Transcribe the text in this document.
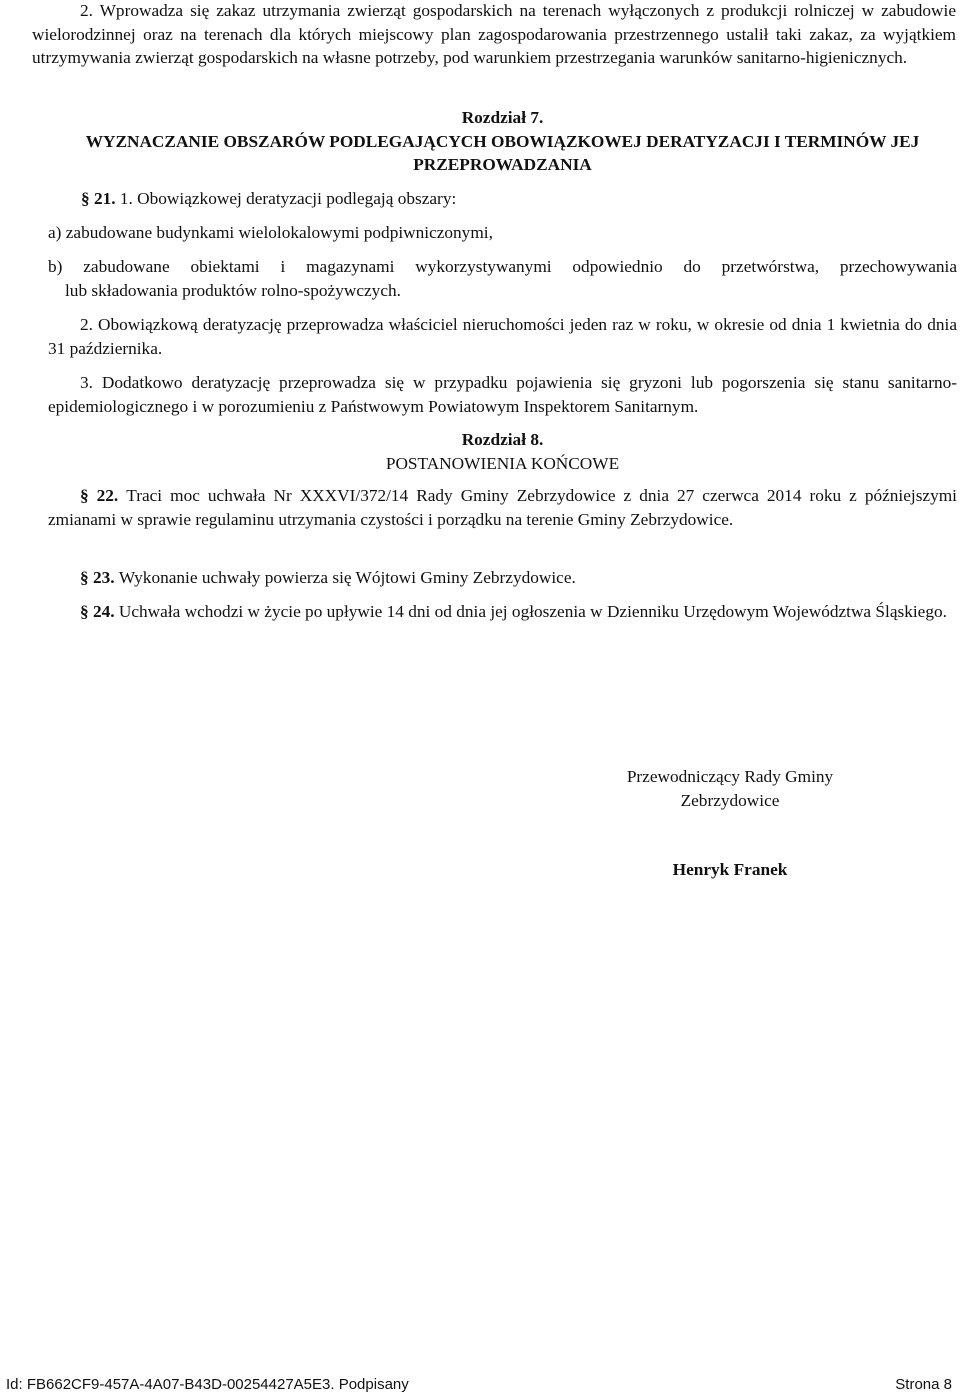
2. Wprowadza się zakaz utrzymania zwierząt gospodarskich na terenach wyłączonych z produkcji rolniczej w zabudowie wielorodzinnej oraz na terenach dla których miejscowy plan zagospodarowania przestrzennego ustalił taki zakaz, za wyjątkiem utrzymywania zwierząt gospodarskich na własne potrzeby, pod warunkiem przestrzegania warunków sanitarno-higienicznych.

Rozdział 7.

WYZNACZANIE OBSZARÓW PODLEGAJĄCYCH OBOWIĄZKOWEJ DERATYZACJI I TERMINÓW JEJ PRZEPROWADZANIA

§ 21. 1. Obowiązkowej deratyzacji podlegają obszary:

a) zabudowane budynkami wielolokalowymi podpiwniczonymi,

b) zabudowane obiektami i magazynami wykorzystywanymi odpowiednio do przetwórstwa, przechowywania

lub składowania produktów rolno-spożywczych.

2. Obowiązkową deratyzację przeprowadza właściciel nieruchomości jeden raz w roku, w okresie od dnia 1 kwietnia do dnia 31 października.

3. Dodatkowo deratyzację przeprowadza się w przypadku pojawienia się gryzoni lub pogorszenia się stanu sanitarno-epidemiologicznego i w porozumieniu z Państwowym Powiatowym Inspektorem Sanitarnym.

Rozdział 8.

POSTANOWIENIA KOŃCOWE

§ 22. Traci moc uchwała Nr XXXVI/372/14 Rady Gminy Zebrzydowice z dnia 27 czerwca 2014 roku z późniejszymi zmianami w sprawie regulaminu utrzymania czystości i porządku na terenie Gminy Zebrzydowice.

§ 23. Wykonanie uchwały powierza się Wójtowi Gminy Zebrzydowice.

§ 24. Uchwała wchodzi w życie po upływie 14 dni od dnia jej ogłoszenia w Dzienniku Urzędowym Województwa Śląskiego.

Przewodniczący Rady Gminy
Zebrzydowice
Henryk Franek
Id: FB662CF9-457A-4A07-B43D-00254427A5E3. Podpisany	Strona 8
